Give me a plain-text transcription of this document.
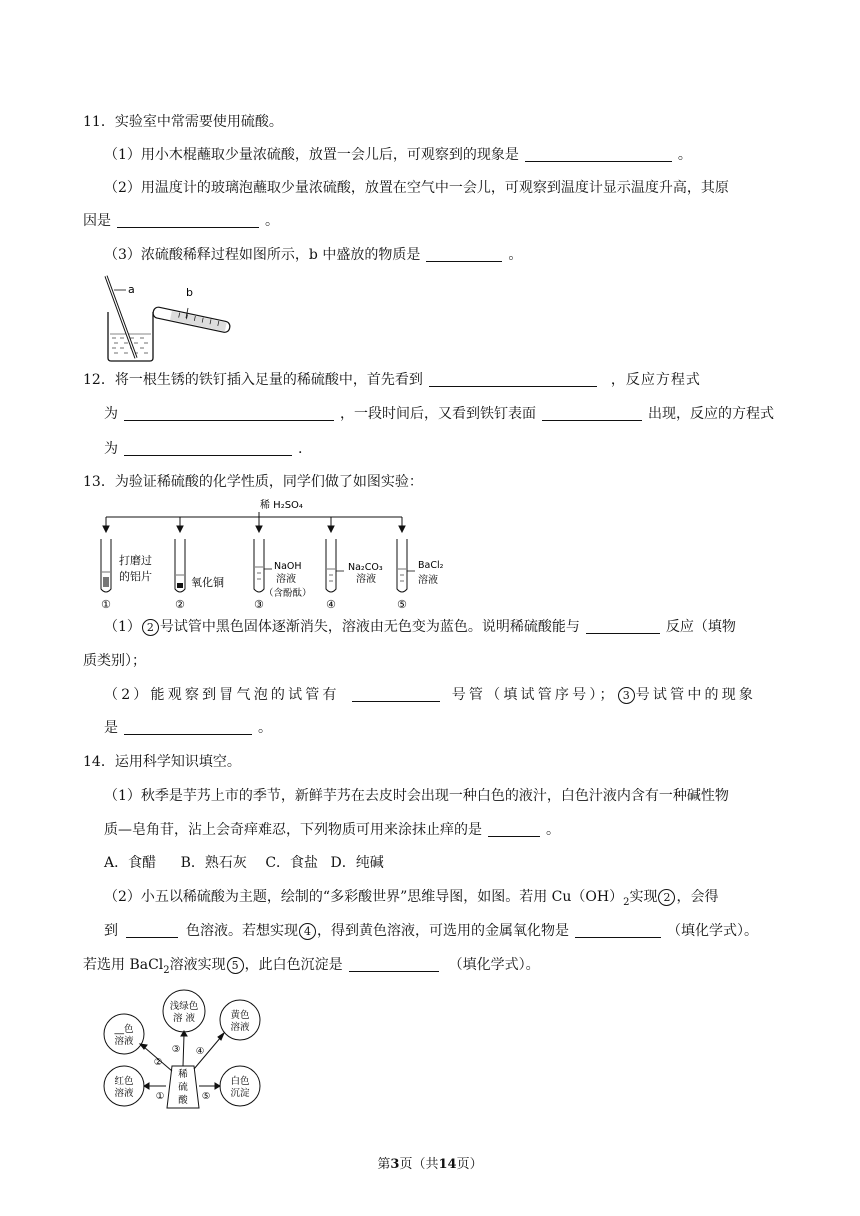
11．实验室中常需要使用硫酸。
（1）用小木棍蘸取少量浓硫酸，放置一会儿后，可观察到的现象是	。
（2）用温度计的玻璃泡蘸取少量浓硫酸，放置在空气中一会儿，可观察到温度计显示温度升高，其原
因是	。
（3）浓硫酸稀释过程如图所示，b 中盛放的物质是	。
a	b
12．将一根生锈的铁钉插入足量的稀硫酸中，首先看到	，反应方程式
为	，一段时间后，又看到铁钉表面	出现，反应的方程式
为	.
13．为验证稀硫酸的化学性质，同学们做了如图实验：
稀 H₂SO₄
打磨过
的铝片	氧化铜
NaOH
溶液
（含酚酞）
Na₂CO₃
溶液
BaCl₂
溶液
①	②	③	④	⑤
（1） 2 号试管中黑色固体逐渐消失，溶液由无色变为蓝色。说明稀硫酸能与	反应（填物
质类别）；
（2）能观察到冒气泡的试管有	号管（填试管序号）； 3 号试管中的现象
是	。
14．运用科学知识填空。
（1）秋季是芋艿上市的季节，新鲜芋艿在去皮时会出现一种白色的液汁，白色汁液内含有一种碱性物
质—皂角苷，沾上会奇痒难忍，下列物质可用来涂抹止痒的是	。
A．食醋 B．熟石灰 C．食盐 D．纯碱
（2）小五以稀硫酸为主题，绘制的“多彩酸世界”思维导图，如图。若用 $Cu(OH)_2$实现 2 ，会得
到	色溶液。若想实现 4 ，得到黄色溶液，可选用的金属氧化物是	（填化学式）。
若选用 BaCl$_2$溶液实现 5 ，此白色沉淀是	（填化学式）。
稀
硫
酸
__色
溶液
浅绿色
溶 液	黄色
溶液
红色
溶液
白色
沉淀
①
②
③ ④
⑤
第3页（共14页）
